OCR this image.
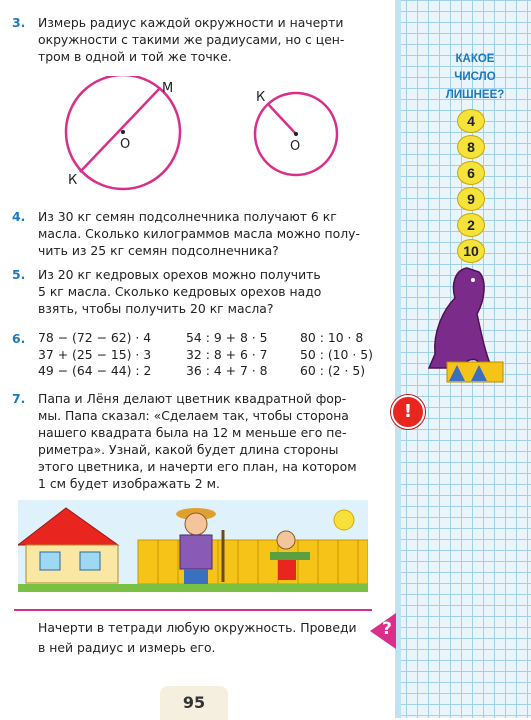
3. Измерь радиус каждой окружности и начерти

окружности с такими же радиусами, но с цен-

тром в одной и той же точке.

M
К
O
К
O
4. Из 30 кг семян подсолнечника получают 6 кг

масла. Сколько килограммов масла можно полу-

чить из 25 кг семян подсолнечника?

5. Из 20 кг кедровых орехов можно получить

5 кг масла. Сколько кедровых орехов надо

взять, чтобы получить 20 кг масла?

6. 78 − (72 − 62) · 4	54 : 9 + 8 · 5	80 : 10 · 8
37 + (25 − 15) · 3	32 : 8 + 6 · 7	50 : (10 · 5)
49 − (64 − 44) : 2	36 : 4 + 7 · 8	60 : (2 · 5)
7. Папа и Лёня делают цветник квадратной фор-

мы. Папа сказал: «Сделаем так, чтобы сторона

нашего квадрата была на 12 м меньше его пе-

риметра». Узнай, какой будет длина стороны

этого цветника, и начерти его план, на котором

1 см будет изображать 2 м.

Начерти в тетради любую окружность. Проведи

в ней радиус и измерь его.

?
95

КАКОЕ

ЧИСЛО

ЛИШНЕЕ?

4
8
6
9
2
10
!
